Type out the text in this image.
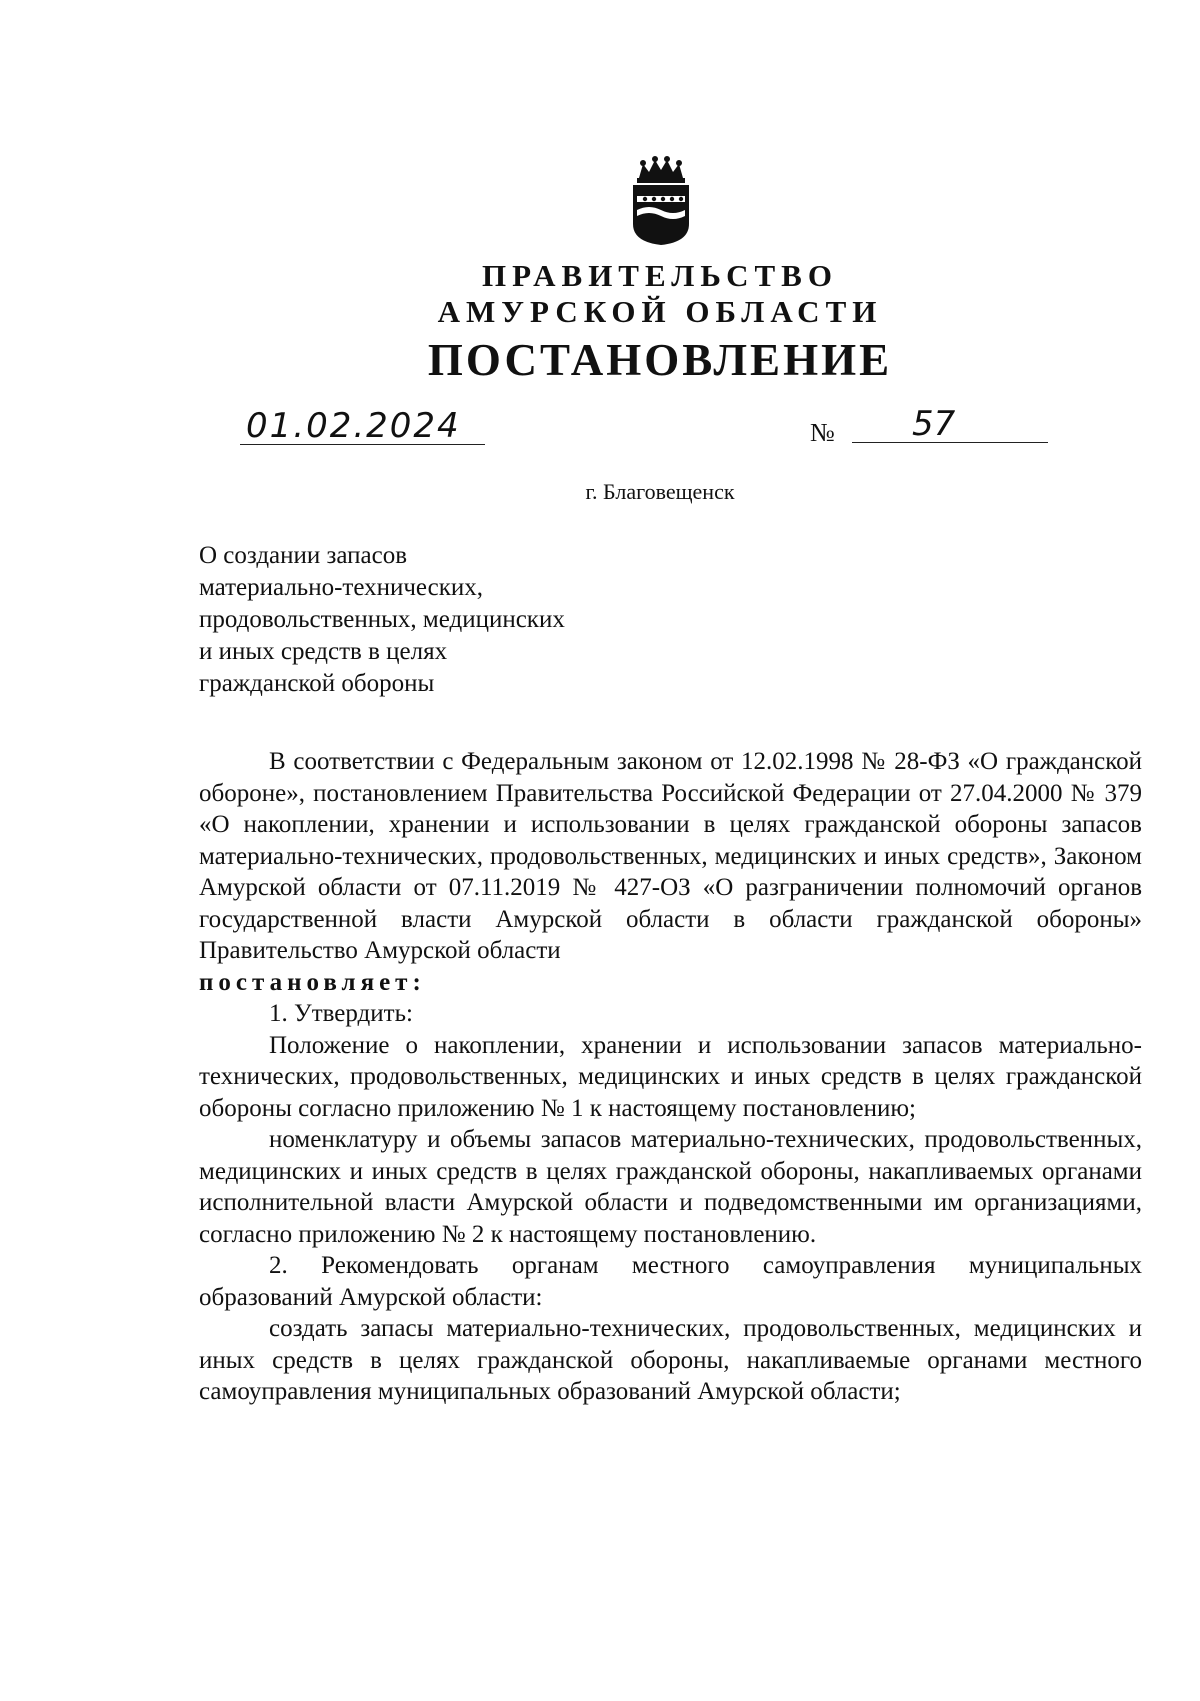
ПРАВИТЕЛЬСТВО
АМУРСКОЙ ОБЛАСТИ
ПОСТАНОВЛЕНИЕ
01.02.2024	№ 57
г. Благовещенск
О создании запасов
материально-технических,
продовольственных, медицинских
и иных средств в целях
гражданской обороны

В соответствии с Федеральным законом от 12.02.1998 № 28-ФЗ «О гражданской обороне», постановлением Правительства Российской Федерации от 27.04.2000 № 379 «О накоплении, хранении и использовании в целях гражданской обороны запасов материально-технических, продовольственных, медицинских и иных средств», Законом Амурской области от 07.11.2019 № 427-ОЗ «О разграничении полномочий органов государственной власти Амурской области в области гражданской обороны» Правительство Амурской области

постановляет:

1. Утвердить:

Положение о накоплении, хранении и использовании запасов материально-технических, продовольственных, медицинских и иных средств в целях гражданской обороны согласно приложению № 1 к настоящему постановлению;

номенклатуру и объемы запасов материально-технических, продовольственных, медицинских и иных средств в целях гражданской обороны, накапливаемых органами исполнительной власти Амурской области и подведомственными им организациями, согласно приложению № 2 к настоящему постановлению.

2. Рекомендовать органам местного самоуправления муниципальных образований Амурской области:

создать запасы материально-технических, продовольственных, медицинских и иных средств в целях гражданской обороны, накапливаемые органами местного самоуправления муниципальных образований Амурской области;
